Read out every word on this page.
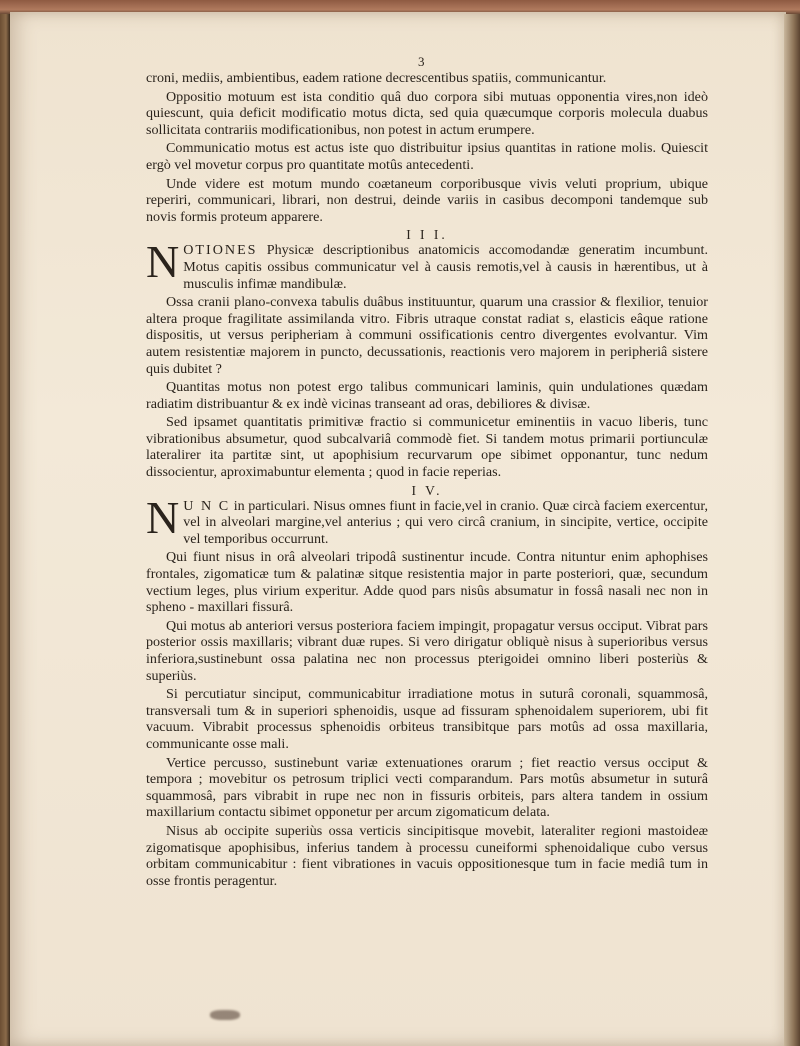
3

croni, mediis, ambientibus, eadem ratione decrescentibus spatiis, communicantur.

Oppositio motuum est ista conditio quâ duo corpora sibi mutuas opponentia vires,non ideò quiescunt, quia deficit modificatio motus dicta, sed quia quæcumque corporis molecula duabus sollicitata contrariis modificationibus, non potest in actum erumpere.

Communicatio motus est actus iste quo distribuitur ipsius quantitas in ratione molis. Quiescit ergò vel movetur corpus pro quantitate motûs antecedenti.

Unde videre est motum mundo coætaneum corporibusque vivis veluti proprium, ubique reperiri, communicari, librari, non destrui, deinde variis in casibus decomponi tandemque sub novis formis proteum apparere.

I I I.

NOTIONES Physicæ descriptionibus anatomicis accomodandæ generatim incumbunt. Motus capitis ossibus communicatur vel à causis remotis,vel à causis in hærentibus, ut à musculis infimæ mandibulæ.

Ossa cranii plano-convexa tabulis duâbus instituuntur, quarum una crassior & flexilior, tenuior altera proque fragilitate assimilanda vitro. Fibris utraque constat radiat s, elasticis eâque ratione dispositis, ut versus peripheriam à communi ossificationis centro divergentes evolvantur. Vim autem resistentiæ majorem in puncto, decussationis, reactionis vero majorem in peripheriâ sistere quis dubitet ?

Quantitas motus non potest ergo talibus communicari laminis, quin undulationes quædam radiatim distribuantur & ex indè vicinas transeant ad oras, debiliores & divisæ.

Sed ipsamet quantitatis primitivæ fractio si communicetur eminentiis in vacuo liberis, tunc vibrationibus absumetur, quod subcalvariâ commodè fiet. Si tandem motus primarii portiunculæ lateralirer ita partitæ sint, ut apophisium recurvarum ope sibimet opponantur, tunc nedum dissocientur, aproximabuntur elementa ; quod in facie reperias.

I V.

N U N C in particulari. Nisus omnes fiunt in facie,vel in cranio. Quæ circà faciem exercentur, vel in alveolari margine,vel anterius ; qui vero circâ cranium, in sincipite, vertice, occipite vel temporibus occurrunt.

Qui fiunt nisus in orâ alveolari tripodâ sustinentur incude. Contra nituntur enim aphophises frontales, zigomaticæ tum & palatinæ sitque resistentia major in parte posteriori, quæ, secundum vectium leges, plus virium experitur. Adde quod pars nisûs absumatur in fossâ nasali nec non in spheno - maxillari fissurâ.

Qui motus ab anteriori versus posteriora faciem impingit, propagatur versus occiput. Vibrat pars posterior ossis maxillaris; vibrant duæ rupes. Si vero dirigatur obliquè nisus à superioribus versus inferiora,sustinebunt ossa palatina nec non processus pterigoidei omnino liberi posteriùs & superiùs.

Si percutiatur sinciput, communicabitur irradiatione motus in suturâ coronali, squammosâ, transversali tum & in superiori sphenoidis, usque ad fissuram sphenoidalem superiorem, ubi fit vacuum. Vibrabit processus sphenoidis orbiteus transibitque pars motûs ad ossa maxillaria, communicante osse mali.

Vertice percusso, sustinebunt variæ extenuationes orarum ; fiet reactio versus occiput & tempora ; movebitur os petrosum triplici vecti comparandum. Pars motûs absumetur in suturâ squammosâ, pars vibrabit in rupe nec non in fissuris orbiteis, pars altera tandem in ossium maxillarium contactu sibimet opponetur per arcum zigomaticum delata.

Nisus ab occipite superiùs ossa verticis sincipitisque movebit, lateraliter regioni mastoideæ zigomatisque apophisibus, inferius tandem à processu cuneiformi sphenoidalique cubo versus orbitam communicabitur : fient vibrationes in vacuis oppositionesque tum in facie mediâ tum in osse frontis peragentur.
